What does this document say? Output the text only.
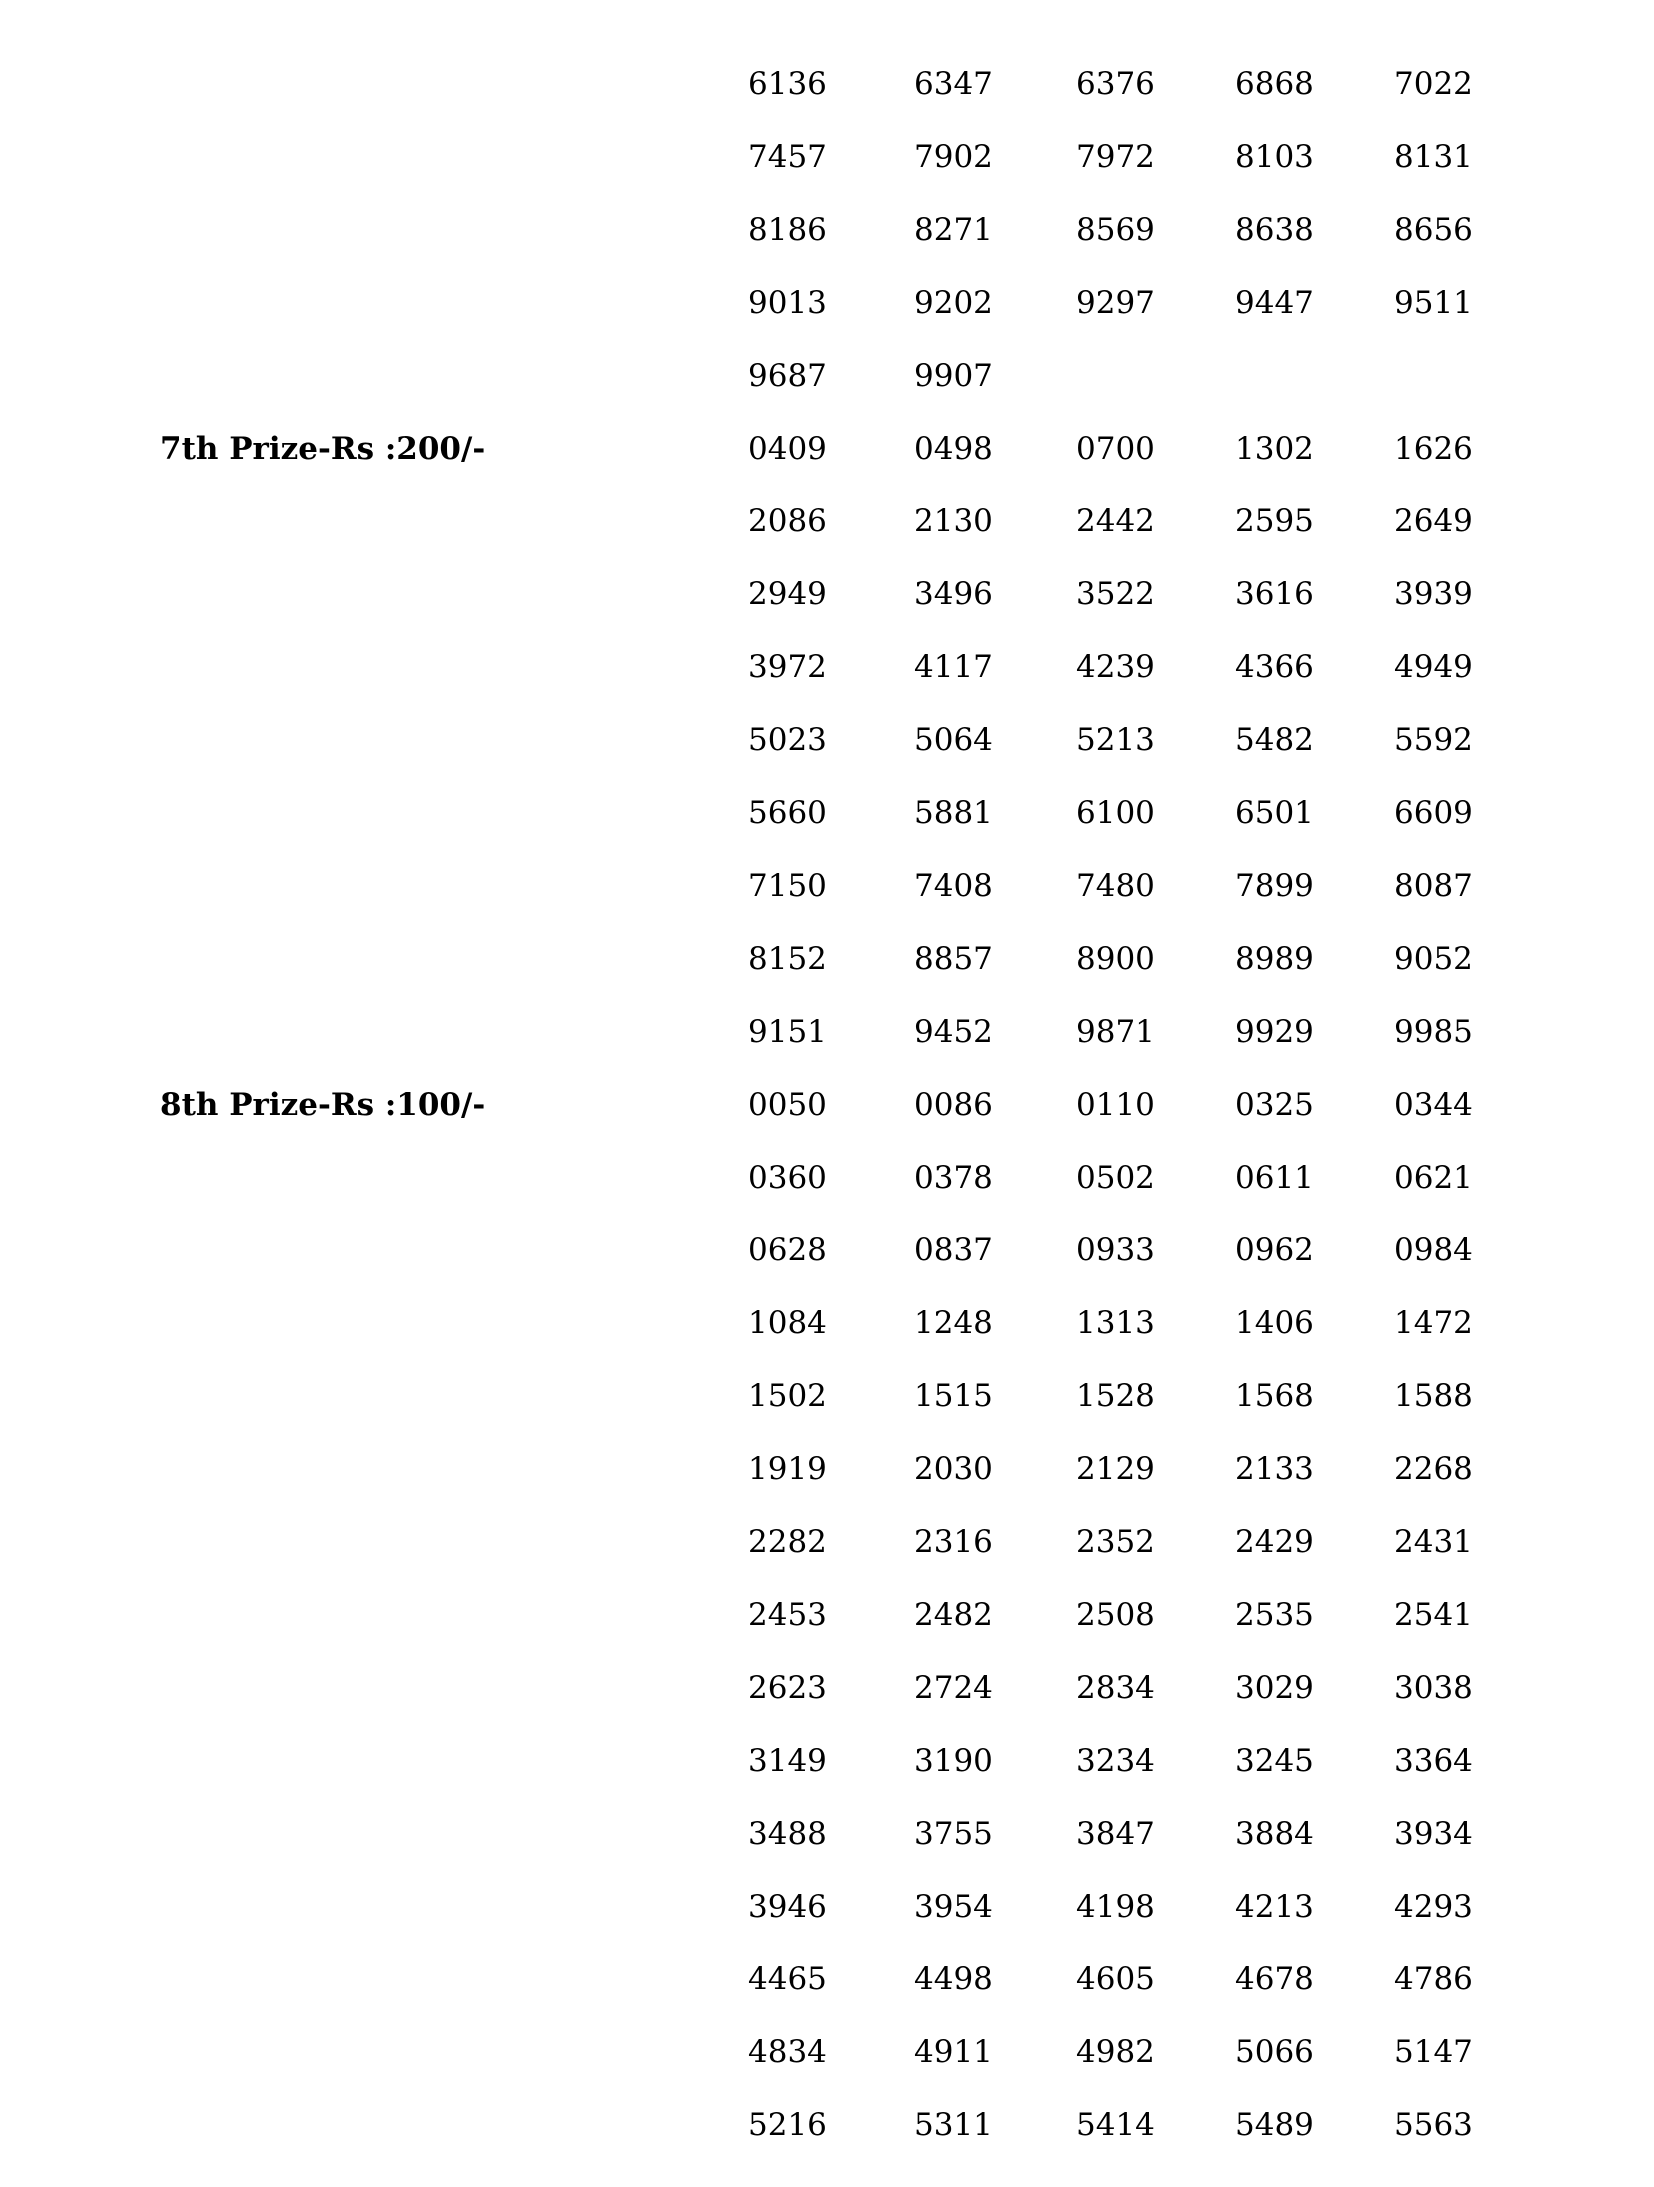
6136	6347	6376	6868	7022
7457	7902	7972	8103	8131
8186	8271	8569	8638	8656
9013	9202	9297	9447	9511
9687	9907
7th Prize-Rs :200/-	0409	0498	0700	1302	1626
2086	2130	2442	2595	2649
2949	3496	3522	3616	3939
3972	4117	4239	4366	4949
5023	5064	5213	5482	5592
5660	5881	6100	6501	6609
7150	7408	7480	7899	8087
8152	8857	8900	8989	9052
9151	9452	9871	9929	9985
8th Prize-Rs :100/-	0050	0086	0110	0325	0344
0360	0378	0502	0611	0621
0628	0837	0933	0962	0984
1084	1248	1313	1406	1472
1502	1515	1528	1568	1588
1919	2030	2129	2133	2268
2282	2316	2352	2429	2431
2453	2482	2508	2535	2541
2623	2724	2834	3029	3038
3149	3190	3234	3245	3364
3488	3755	3847	3884	3934
3946	3954	4198	4213	4293
4465	4498	4605	4678	4786
4834	4911	4982	5066	5147
5216	5311	5414	5489	5563
